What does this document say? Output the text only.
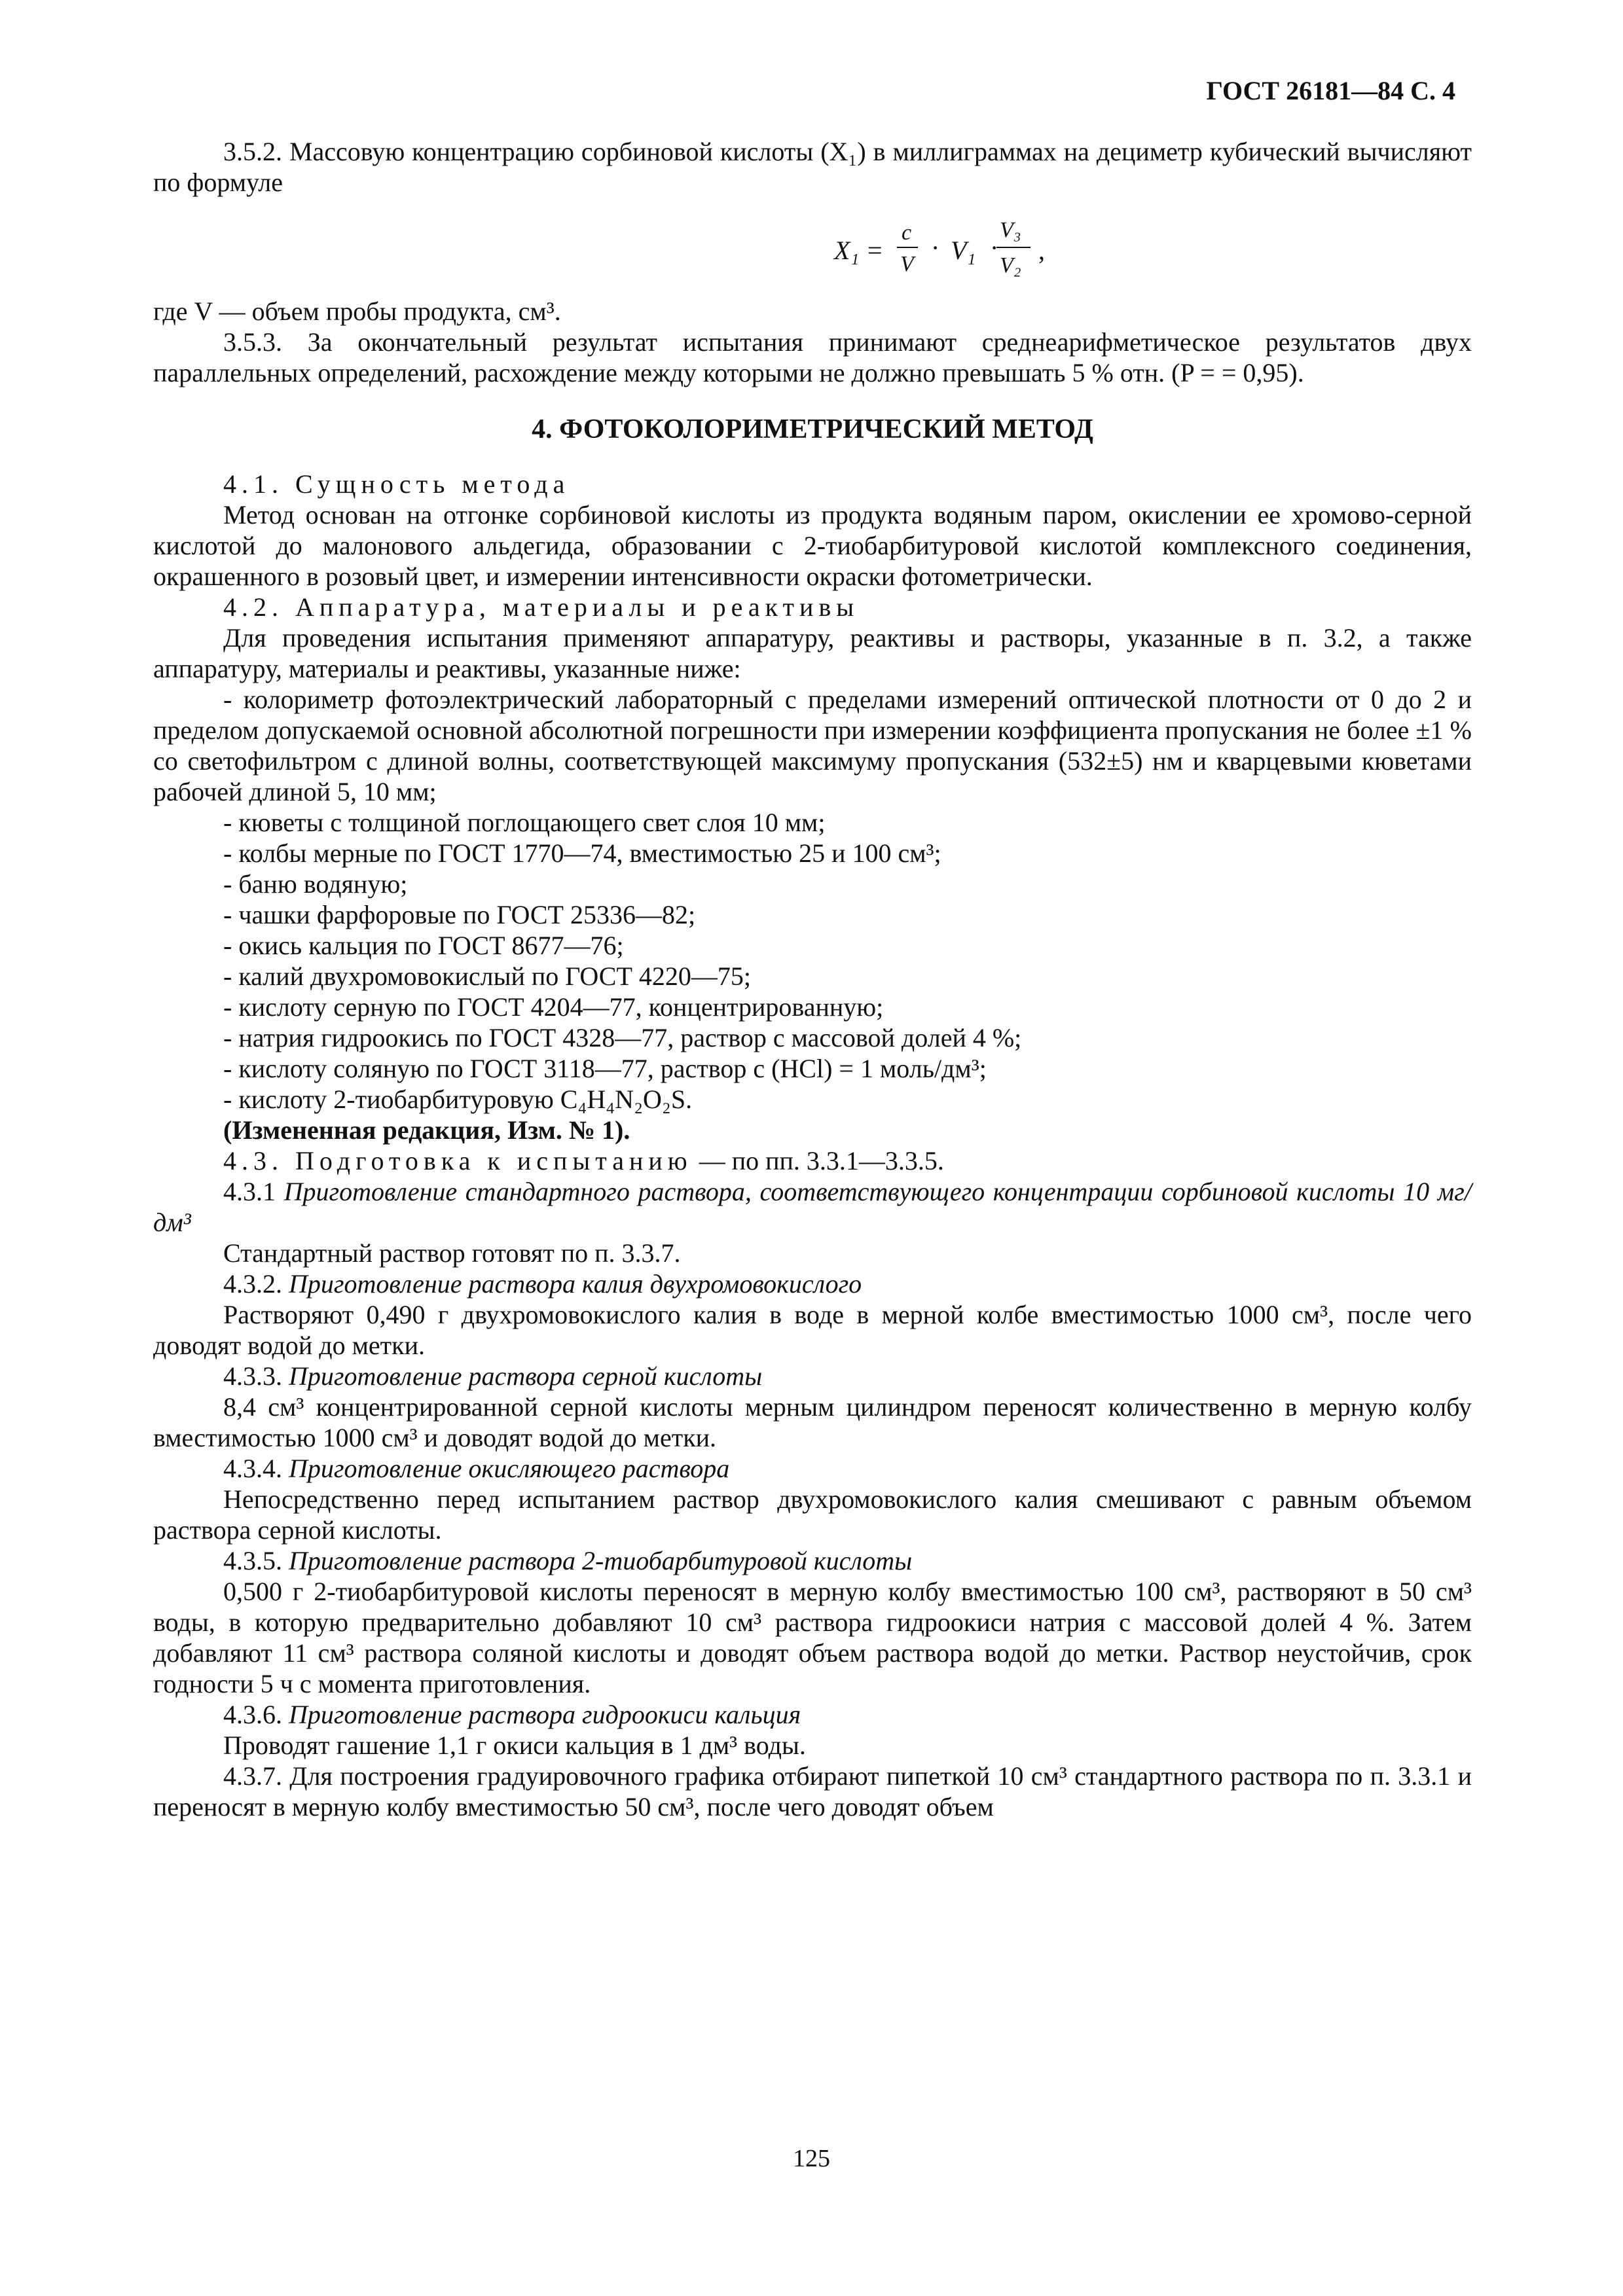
ГОСТ 26181—84 С. 4

3.5.2. Массовую концентрацию сорбиновой кислоты (X₁) в миллиграммах на дециметр кубический вычисляют по формуле

X₁ =
c
V
· V₁ ·
V₃
V₂
,

где V — объем пробы продукта, см³.

3.5.3. За окончательный результат испытания принимают среднеарифметическое результатов двух параллельных определений, расхождение между которыми не должно превышать 5 % отн. (P = = 0,95).

4. ФОТОКОЛОРИМЕТРИЧЕСКИЙ МЕТОД

4.1. Сущность метода

Метод основан на отгонке сорбиновой кислоты из продукта водяным паром, окислении ее хромово-серной кислотой до малонового альдегида, образовании с 2-тиобарбитуровой кислотой комплексного соединения, окрашенного в розовый цвет, и измерении интенсивности окраски фотометрически.

4.2. Аппаратура, материалы и реактивы

Для проведения испытания применяют аппаратуру, реактивы и растворы, указанные в п. 3.2, а также аппаратуру, материалы и реактивы, указанные ниже:

- колориметр фотоэлектрический лабораторный с пределами измерений оптической плотности от 0 до 2 и пределом допускаемой основной абсолютной погрешности при измерении коэффициента пропускания не более ±1 % со светофильтром с длиной волны, соответствующей максимуму пропускания (532±5) нм и кварцевыми кюветами рабочей длиной 5, 10 мм;

- кюветы с толщиной поглощающего свет слоя 10 мм;

- колбы мерные по ГОСТ 1770—74, вместимостью 25 и 100 см³;

- баню водяную;

- чашки фарфоровые по ГОСТ 25336—82;

- окись кальция по ГОСТ 8677—76;

- калий двухромовокислый по ГОСТ 4220—75;

- кислоту серную по ГОСТ 4204—77, концентрированную;

- натрия гидроокись по ГОСТ 4328—77, раствор с массовой долей 4 %;

- кислоту соляную по ГОСТ 3118—77, раствор c (HCl) = 1 моль/дм³;

- кислоту 2-тиобарбитуровую C₄H₄N₂O₂S.

(Измененная редакция, Изм. № 1).

4.3. Подготовка к испытанию — по пп. 3.3.1—3.3.5.

4.3.1 Приготовление стандартного раствора, соответствующего концентрации сорбиновой кислоты 10 мг/дм³

Стандартный раствор готовят по п. 3.3.7.

4.3.2. Приготовление раствора калия двухромовокислого

Растворяют 0,490 г двухромовокислого калия в воде в мерной колбе вместимостью 1000 см³, после чего доводят водой до метки.

4.3.3. Приготовление раствора серной кислоты

8,4 см³ концентрированной серной кислоты мерным цилиндром переносят количественно в мерную колбу вместимостью 1000 см³ и доводят водой до метки.

4.3.4. Приготовление окисляющего раствора

Непосредственно перед испытанием раствор двухромовокислого калия смешивают с равным объемом раствора серной кислоты.

4.3.5. Приготовление раствора 2-тиобарбитуровой кислоты

0,500 г 2-тиобарбитуровой кислоты переносят в мерную колбу вместимостью 100 см³, растворяют в 50 см³ воды, в которую предварительно добавляют 10 см³ раствора гидроокиси натрия с массовой долей 4 %. Затем добавляют 11 см³ раствора соляной кислоты и доводят объем раствора водой до метки. Раствор неустойчив, срок годности 5 ч с момента приготовления.

4.3.6. Приготовление раствора гидроокиси кальция

Проводят гашение 1,1 г окиси кальция в 1 дм³ воды.

4.3.7. Для построения градуировочного графика отбирают пипеткой 10 см³ стандартного раствора по п. 3.3.1 и переносят в мерную колбу вместимостью 50 см³, после чего доводят объем

125
